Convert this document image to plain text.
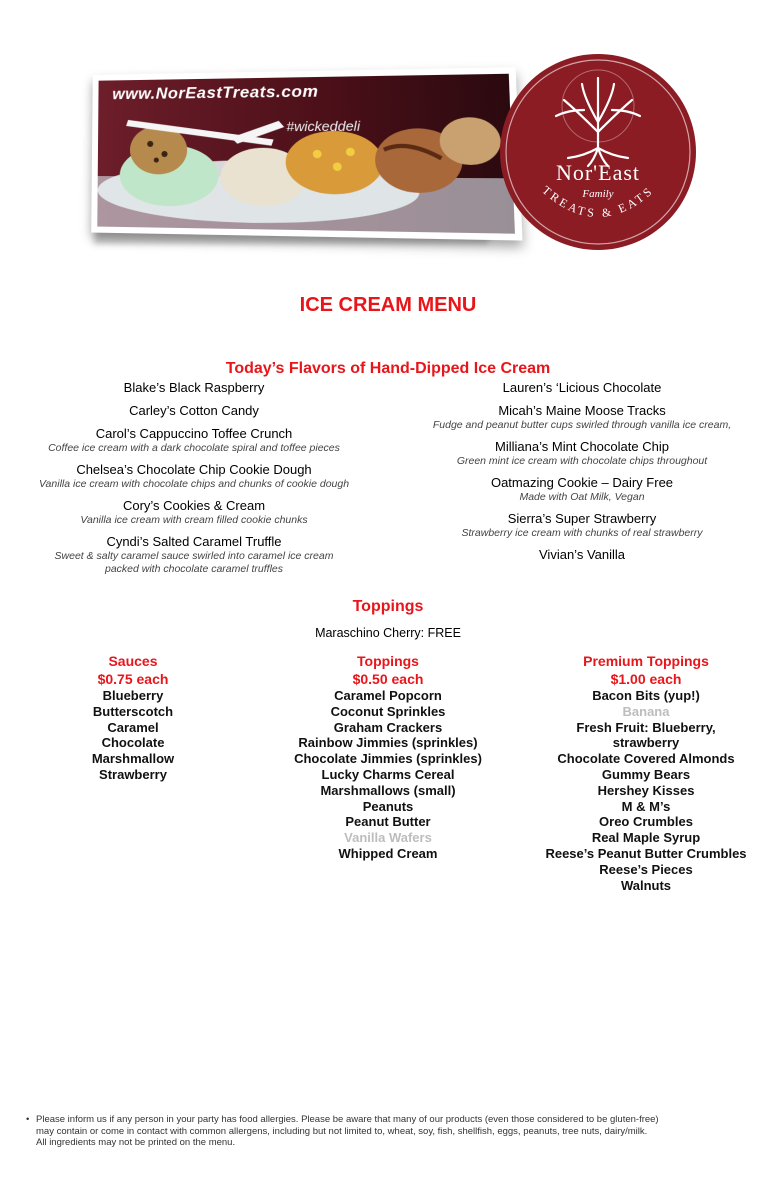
www.NorEastTreats.com
#wickeddeli
Nor'East
Family
TREATS & EATS
ICE CREAM MENU
Today’s Flavors of Hand-Dipped Ice Cream
Blake’s Black Raspberry
Carley’s Cotton Candy
Carol’s Cappuccino Toffee Crunch
Coffee ice cream with a dark chocolate spiral and toffee pieces
Chelsea’s Chocolate Chip Cookie Dough
Vanilla ice cream with chocolate chips and chunks of cookie dough
Cory’s Cookies & Cream
Vanilla ice cream with cream filled cookie chunks
Cyndi’s Salted Caramel Truffle
Sweet & salty caramel sauce swirled into caramel ice cream
packed with chocolate caramel truffles
Lauren’s ‘Licious Chocolate
Micah’s Maine Moose Tracks
Fudge and peanut butter cups swirled through vanilla ice cream,
Milliana’s Mint Chocolate Chip
Green mint ice cream with chocolate chips throughout
Oatmazing Cookie – Dairy Free
Made with Oat Milk, Vegan
Sierra’s Super Strawberry
Strawberry ice cream with chunks of real strawberry
Vivian’s Vanilla
Toppings
Maraschino Cherry: FREE
Sauces
$0.75 each
Blueberry
Butterscotch
Caramel
Chocolate
Marshmallow
Strawberry
Toppings
$0.50 each
Caramel Popcorn
Coconut Sprinkles
Graham Crackers
Rainbow Jimmies (sprinkles)
Chocolate Jimmies (sprinkles)
Lucky Charms Cereal
Marshmallows (small)
Peanuts
Peanut Butter
Vanilla Wafers
Whipped Cream
Premium Toppings
$1.00 each
Bacon Bits (yup!)
Banana
Fresh Fruit: Blueberry,
strawberry
Chocolate Covered Almonds
Gummy Bears
Hershey Kisses
M & M’s
Oreo Crumbles
Real Maple Syrup
Reese’s Peanut Butter Crumbles
Reese’s Pieces
Walnuts
• Please inform us if any person in your party has food allergies. Please be aware that many of our products (even those considered to be gluten-free)
may contain or come in contact with common allergens, including but not limited to, wheat, soy, fish, shellfish, eggs, peanuts, tree nuts, dairy/milk.
All ingredients may not be printed on the menu.
